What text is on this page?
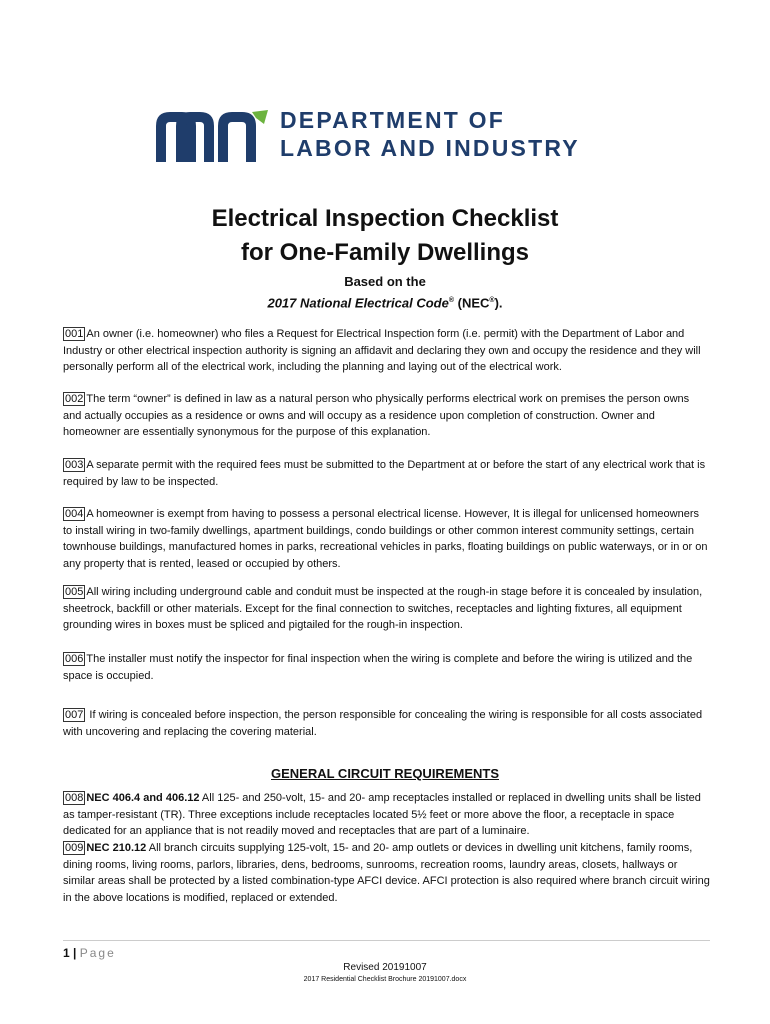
DEPARTMENT OF
LABOR AND INDUSTRY
Electrical Inspection Checklist
for One-Family Dwellings
Based on the
2017 National Electrical Code® (NEC®).
001 An owner (i.e. homeowner) who files a Request for Electrical Inspection form (i.e. permit) with the Department of Labor and Industry or other electrical inspection authority is signing an affidavit and declaring they own and occupy the residence and they will personally perform all of the electrical work, including the planning and laying out of the electrical work.
002 The term “owner” is defined in law as a natural person who physically performs electrical work on premises the person owns and actually occupies as a residence or owns and will occupy as a residence upon completion of construction. Owner and homeowner are essentially synonymous for the purpose of this explanation.
003 A separate permit with the required fees must be submitted to the Department at or before the start of any electrical work that is required by law to be inspected.
004 A homeowner is exempt from having to possess a personal electrical license. However, It is illegal for unlicensed homeowners to install wiring in two-family dwellings, apartment buildings, condo buildings or other common interest community settings, certain townhouse buildings, manufactured homes in parks, recreational vehicles in parks, floating buildings on public waterways, or in or on any property that is rented, leased or occupied by others.
005 All wiring including underground cable and conduit must be inspected at the rough-in stage before it is concealed by insulation, sheetrock, backfill or other materials. Except for the final connection to switches, receptacles and lighting fixtures, all equipment grounding wires in boxes must be spliced and pigtailed for the rough-in inspection.
006 The installer must notify the inspector for final inspection when the wiring is complete and before the wiring is utilized and the space is occupied.
007 If wiring is concealed before inspection, the person responsible for concealing the wiring is responsible for all costs associated with uncovering and replacing the covering material.
008 NEC 406.4 and 406.12 All 125- and 250-volt, 15- and 20- amp receptacles installed or replaced in dwelling units shall be listed as tamper-resistant (TR). Three exceptions include receptacles located 5½ feet or more above the floor, a receptacle in space dedicated for an appliance that is not readily moved and receptacles that are part of a luminaire.
009 NEC 210.12 All branch circuits supplying 125-volt, 15- and 20- amp outlets or devices in dwelling unit kitchens, family rooms, dining rooms, living rooms, parlors, libraries, dens, bedrooms, sunrooms, recreation rooms, laundry areas, closets, hallways or similar areas shall be protected by a listed combination-type AFCI device. AFCI protection is also required where branch circuit wiring in the above locations is modified, replaced or extended.
GENERAL CIRCUIT REQUIREMENTS
1 | Page
Revised 20191007
2017 Residential Checklist Brochure 20191007.docx
